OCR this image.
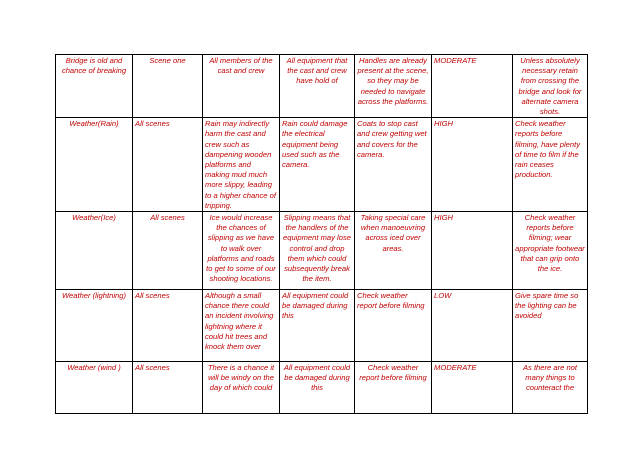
Bridge is old and chance of breaking	Scene one	All members of the cast and crew	All equipment that the cast and crew have hold of	Handles are already present at the scene, so they may be needed to navigate across the platforms.	MODERATE	Unless absolutely necessary retain from crossing the bridge and look for alternate camera shots.
Weather(Rain)	All scenes	Rain may indirectly harm the cast and crew such as dampening wooden platforms and making mud much more slippy, leading to a higher chance of tripping.	Rain could damage the electrical equipment being used such as the camera.	Coats to stop cast and crew getting wet and covers for the camera.	HIGH	Check weather reports before filming, have plenty of time to film if the rain ceases production.
Weather(Ice)	All scenes	Ice would increase the chances of slipping as we have to walk over platforms and roads to get to some of our shooting locations.	Slipping means that the handlers of the equipment may lose control and drop them which could subsequently break the item.	Taking special care when manoeuvring across iced over areas.	HIGH	Check weather reports before filming; wear appropriate footwear that can grip onto the ice.
Weather (lightning)	All scenes	Although a small chance there could an incident involving lightning where it could hit trees and knock them over	All equipment could be damaged during this	Check weather report before filming	LOW	Give spare time so the lighting can be avoided
Weather (wind )	All scenes	There is a chance it will be windy on the day of which could	All equipment could be damaged during this	Check weather report before filming	MODERATE	As there are not many things to counteract the
